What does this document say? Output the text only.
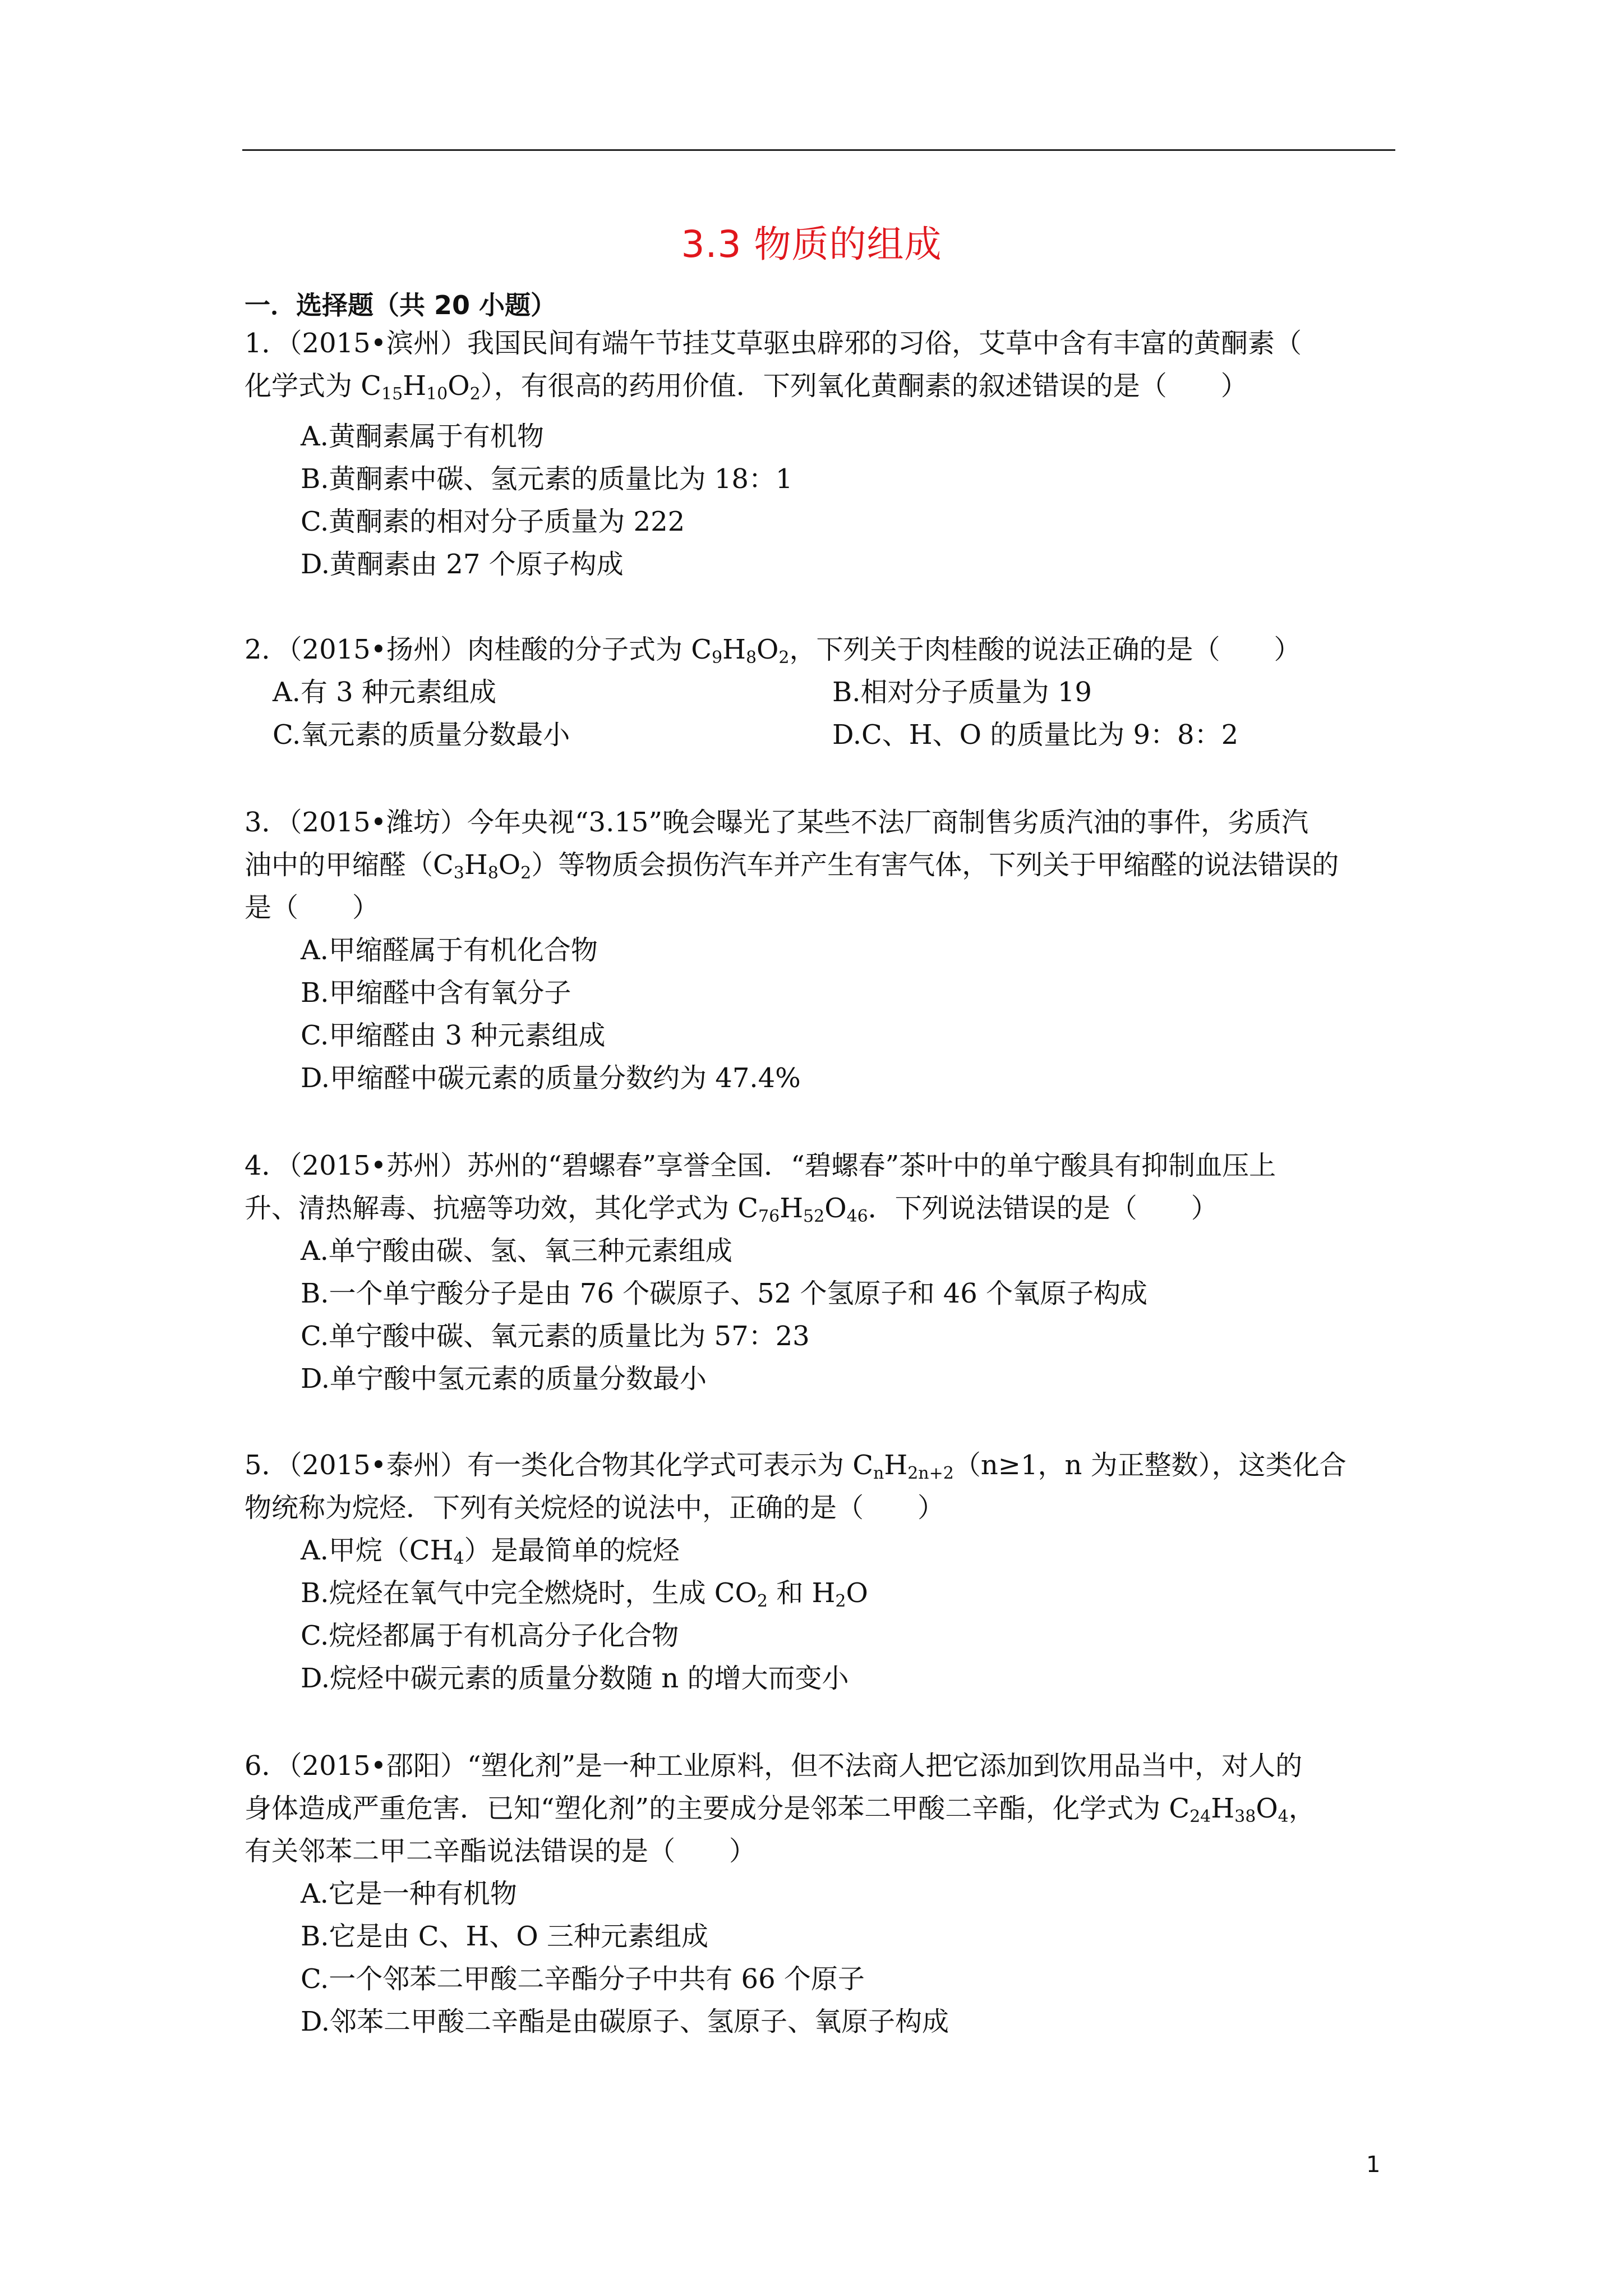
3.3 物质的组成
一．选择题（共 20 小题）
1．（2015•滨州）我国民间有端午节挂艾草驱虫辟邪的习俗，艾草中含有丰富的黄酮素（
化学式为 $C_{15}H_{10}O_2$），有很高的药用价值．下列氧化黄酮素的叙述错误的是（　　）
A.黄酮素属于有机物
B.黄酮素中碳、氢元素的质量比为 18：1
C.黄酮素的相对分子质量为 222
D.黄酮素由 27 个原子构成
2．（2015•扬州）肉桂酸的分子式为 $C_9H_8O_2$，下列关于肉桂酸的说法正确的是（　　）
A.有 3 种元素组成	B.相对分子质量为 19
C.氧元素的质量分数最小	D.C、H、O 的质量比为 9：8：2
3．（2015•潍坊）今年央视“3.15”晚会曝光了某些不法厂商制售劣质汽油的事件，劣质汽
油中的甲缩醛$(C_3H_8O_2)$等物质会损伤汽车并产生有害气体，下列关于甲缩醛的说法错误的
是（　　）
A.甲缩醛属于有机化合物
B.甲缩醛中含有氧分子
C.甲缩醛由 3 种元素组成
D.甲缩醛中碳元素的质量分数约为 47.4%
4．（2015•苏州）苏州的“碧螺春”享誉全国．“碧螺春”茶叶中的单宁酸具有抑制血压上
升、清热解毒、抗癌等功效，其化学式为 $C_{76}H_{52}O_{46}$．下列说法错误的是（　　）
A.单宁酸由碳、氢、氧三种元素组成
B.一个单宁酸分子是由 76 个碳原子、52 个氢原子和 46 个氧原子构成
C.单宁酸中碳、氧元素的质量比为 57：23
D.单宁酸中氢元素的质量分数最小
5．（2015•泰州）有一类化合物其化学式可表示为 $C_nH_{2n+2}(n\ge 1$，n 为正整数），这类化合
物统称为烷烃．下列有关烷烃的说法中，正确的是（　　）
A.甲烷$(CH_4)$是最简单的烷烃
B.烷烃在氧气中完全燃烧时，生成 $CO_2$ 和 $H_2O$
C.烷烃都属于有机高分子化合物
D.烷烃中碳元素的质量分数随 n 的增大而变小
6．（2015•邵阳）“塑化剂”是一种工业原料，但不法商人把它添加到饮用品当中，对人的
身体造成严重危害．已知“塑化剂”的主要成分是邻苯二甲酸二辛酯，化学式为 $C_{24}H_{38}O_4$，
有关邻苯二甲二辛酯说法错误的是（　　）
A.它是一种有机物
B.它是由 C、H、O 三种元素组成
C.一个邻苯二甲酸二辛酯分子中共有 66 个原子
D.邻苯二甲酸二辛酯是由碳原子、氢原子、氧原子构成
1
